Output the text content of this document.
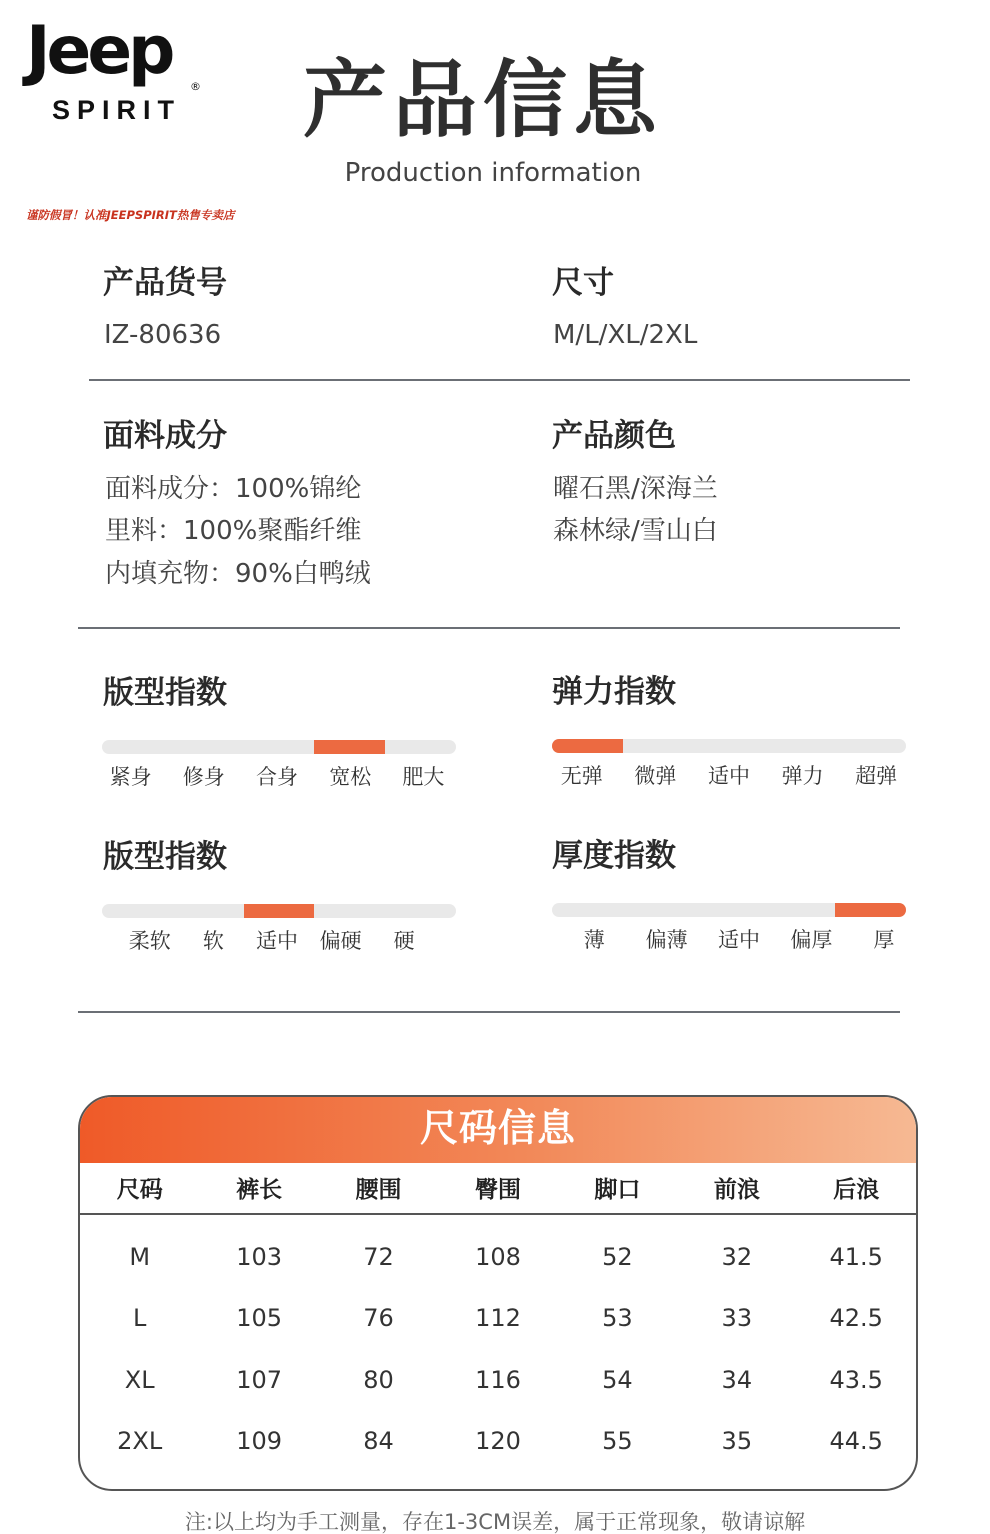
Jeep ®
SPIRIT
谨防假冒！认准JEEPSPIRIT热售专卖店
产品信息
Production information
产品货号
IZ-80636
尺寸
M/L/XL/2XL
面料成分
面料成分：100%锦纶
里料：100%聚酯纤维
内填充物：90%白鸭绒
产品颜色
曜石黑/深海兰
森林绿/雪山白
版型指数
紧身	修身	合身	宽松	肥大
弹力指数
无弹	微弹	适中	弹力	超弹
版型指数
柔软	软	适中	偏硬	硬
厚度指数
薄	偏薄	适中	偏厚	厚
尺码信息
尺码	裤长	腰围	臀围	脚口	前浪	后浪
M	103	72	108	52	32	41.5
L	105	76	112	53	33	42.5
XL	107	80	116	54	34	43.5
2XL	109	84	120	55	35	44.5
注:以上均为手工测量，存在1-3CM误差，属于正常现象，敬请谅解
